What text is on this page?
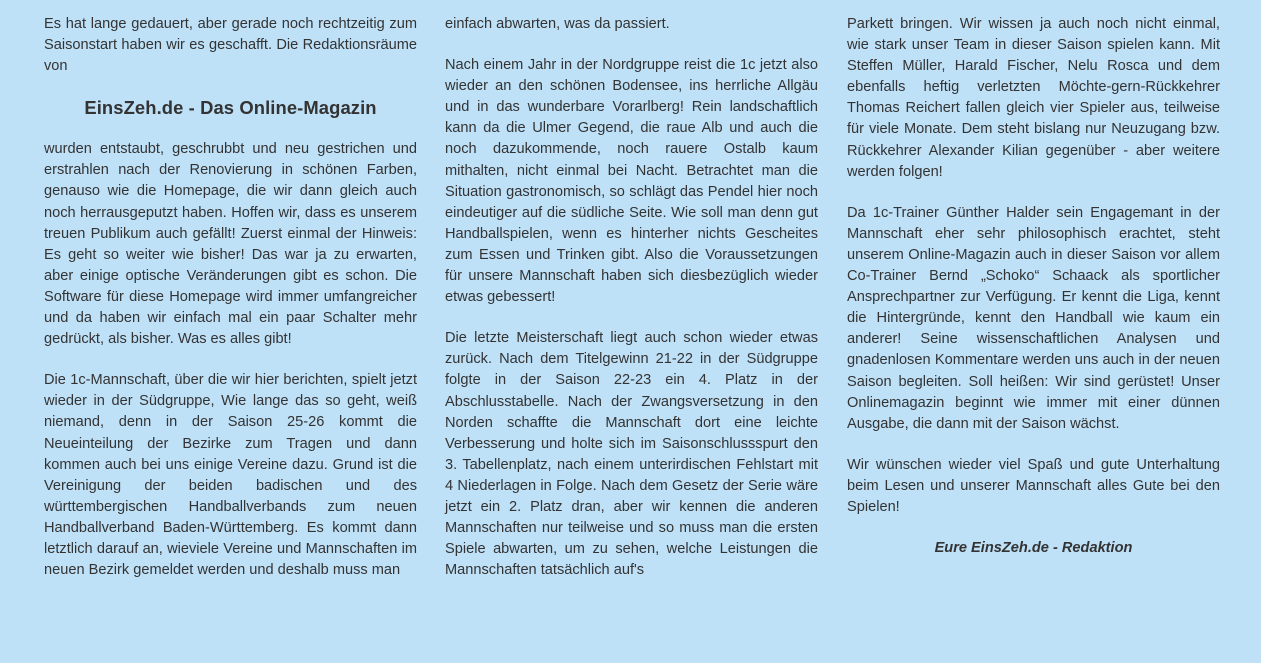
Es hat lange gedauert, aber gerade noch rechtzeitig zum Saisonstart haben wir es geschafft. Die Redaktionsräume von

EinsZeh.de - Das Online-Magazin

wurden entstaubt, geschrubbt und neu gestrichen und erstrahlen nach der Renovierung in schönen Farben, genauso wie die Homepage, die wir dann gleich auch noch herrausgeputzt haben. Hoffen wir, dass es unserem treuen Publikum auch gefällt! Zuerst einmal der Hinweis: Es geht so weiter wie bisher! Das war ja zu erwarten, aber einige optische Veränderungen gibt es schon. Die Software für diese Homepage wird immer umfangreicher und da haben wir einfach mal ein paar Schalter mehr gedrückt, als bisher. Was es alles gibt!

Die 1c-Mannschaft, über die wir hier berichten, spielt jetzt wieder in der Südgruppe, Wie lange das so geht, weiß niemand, denn in der Saison 25-26 kommt die Neueinteilung der Bezirke zum Tragen und dann kommen auch bei uns einige Vereine dazu. Grund ist die Vereinigung der beiden badischen und des württembergischen Handballverbands zum neuen Handballverband Baden-Württemberg. Es kommt dann letztlich darauf an, wieviele Vereine und Mannschaften im neuen Bezirk gemeldet werden und deshalb muss man

einfach abwarten, was da passiert.

Nach einem Jahr in der Nordgruppe reist die 1c jetzt also wieder an den schönen Bodensee, ins herrliche Allgäu und in das wunderbare Vorarlberg! Rein landschaftlich kann da die Ulmer Gegend, die raue Alb und auch die noch dazukommende, noch rauere Ostalb kaum mithalten, nicht einmal bei Nacht. Betrachtet man die Situation gastronomisch, so schlägt das Pendel hier noch eindeutiger auf die südliche Seite. Wie soll man denn gut Handballspielen, wenn es hinterher nichts Gescheites zum Essen und Trinken gibt. Also die Voraussetzungen für unsere Mannschaft haben sich diesbezüglich wieder etwas gebessert!

Die letzte Meisterschaft liegt auch schon wieder etwas zurück. Nach dem Titelgewinn 21-22 in der Südgruppe folgte in der Saison 22-23 ein 4. Platz in der Abschlusstabelle. Nach der Zwangsversetzung in den Norden schaffte die Mannschaft dort eine leichte Verbesserung und holte sich im Saisonschlussspurt den 3. Tabellenplatz, nach einem unterirdischen Fehlstart mit 4 Niederlagen in Folge. Nach dem Gesetz der Serie wäre jetzt ein 2. Platz dran, aber wir kennen die anderen Mannschaften nur teilweise und so muss man die ersten Spiele abwarten, um zu sehen, welche Leistungen die Mannschaften tatsächlich auf's

Parkett bringen. Wir wissen ja auch noch nicht einmal, wie stark unser Team in dieser Saison spielen kann. Mit Steffen Müller, Harald Fischer, Nelu Rosca und dem ebenfalls heftig verletzten Möchte-gern-Rückkehrer Thomas Reichert fallen gleich vier Spieler aus, teilweise für viele Monate. Dem steht bislang nur Neuzugang bzw. Rückkehrer Alexander Kilian gegenüber - aber weitere werden folgen!

Da 1c-Trainer Günther Halder sein Engagemant in der Mannschaft eher sehr philosophisch erachtet, steht unserem Online-Magazin auch in dieser Saison vor allem Co-Trainer Bernd „Schoko“ Schaack als sportlicher Ansprechpartner zur Verfügung. Er kennt die Liga, kennt die Hintergründe, kennt den Handball wie kaum ein anderer! Seine wissenschaftlichen Analysen und gnadenlosen Kommentare werden uns auch in der neuen Saison begleiten. Soll heißen: Wir sind gerüstet! Unser Onlinemagazin beginnt wie immer mit einer dünnen Ausgabe, die dann mit der Saison wächst.

Wir wünschen wieder viel Spaß und gute Unterhaltung beim Lesen und unserer Mannschaft alles Gute bei den Spielen!

Eure EinsZeh.de - Redaktion
